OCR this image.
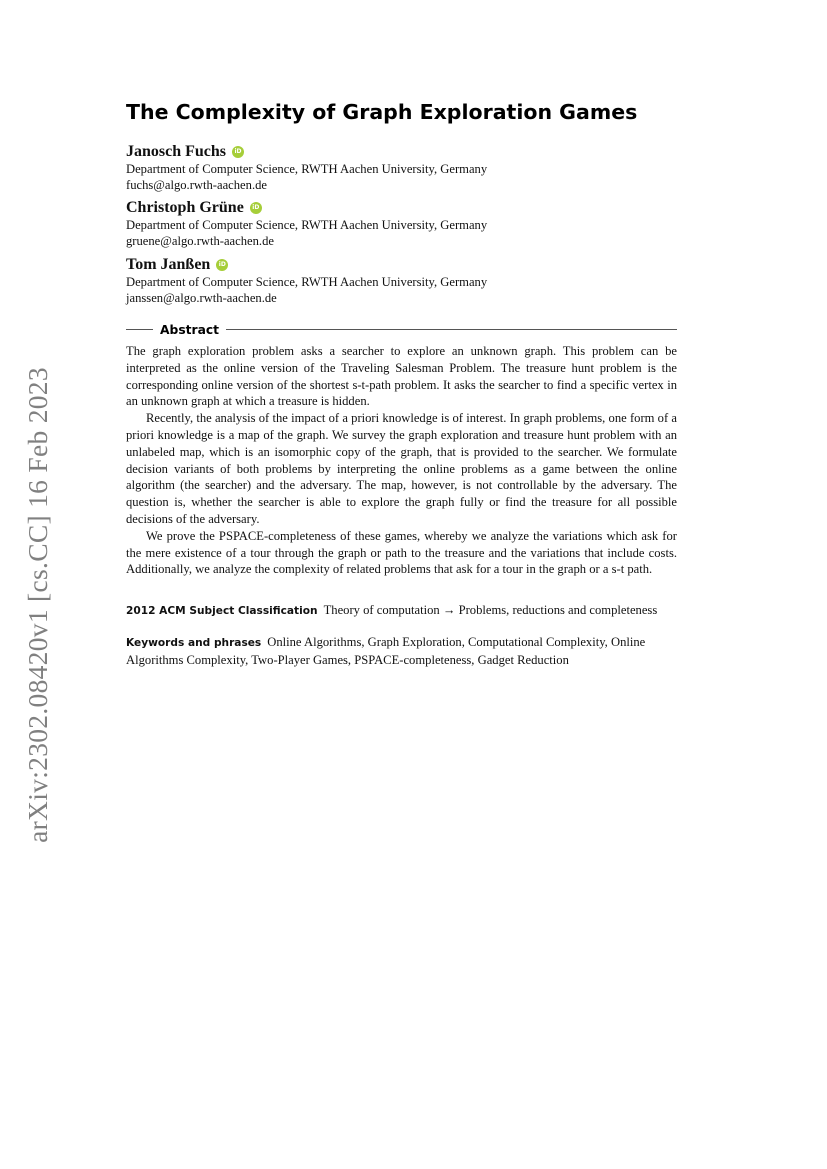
arXiv:2302.08420v1 [cs.CC] 16 Feb 2023
The Complexity of Graph Exploration Games
Janosch Fuchs	iD
Department of Computer Science, RWTH Aachen University, Germany
fuchs@algo.rwth-aachen.de
Christoph Grüne	iD
Department of Computer Science, RWTH Aachen University, Germany
gruene@algo.rwth-aachen.de
Tom Janßen	iD
Department of Computer Science, RWTH Aachen University, Germany
janssen@algo.rwth-aachen.de
Abstract

The graph exploration problem asks a searcher to explore an unknown graph. This problem can be interpreted as the online version of the Traveling Salesman Problem. The treasure hunt problem is the corresponding online version of the shortest s-t-path problem. It asks the searcher to find a specific vertex in an unknown graph at which a treasure is hidden.

Recently, the analysis of the impact of a priori knowledge is of interest. In graph problems, one form of a priori knowledge is a map of the graph. We survey the graph exploration and treasure hunt problem with an unlabeled map, which is an isomorphic copy of the graph, that is provided to the searcher. We formulate decision variants of both problems by interpreting the online problems as a game between the online algorithm (the searcher) and the adversary. The map, however, is not controllable by the adversary. The question is, whether the searcher is able to explore the graph fully or find the treasure for all possible decisions of the adversary.

We prove the PSPACE-completeness of these games, whereby we analyze the variations which ask for the mere existence of a tour through the graph or path to the treasure and the variations that include costs. Additionally, we analyze the complexity of related problems that ask for a tour in the graph or a s-t path.

2012 ACM Subject Classification Theory of computation → Problems, reductions and completeness
Keywords and phrases Online Algorithms, Graph Exploration, Computational Complexity, Online Algorithms Complexity, Two-Player Games, PSPACE-completeness, Gadget Reduction
